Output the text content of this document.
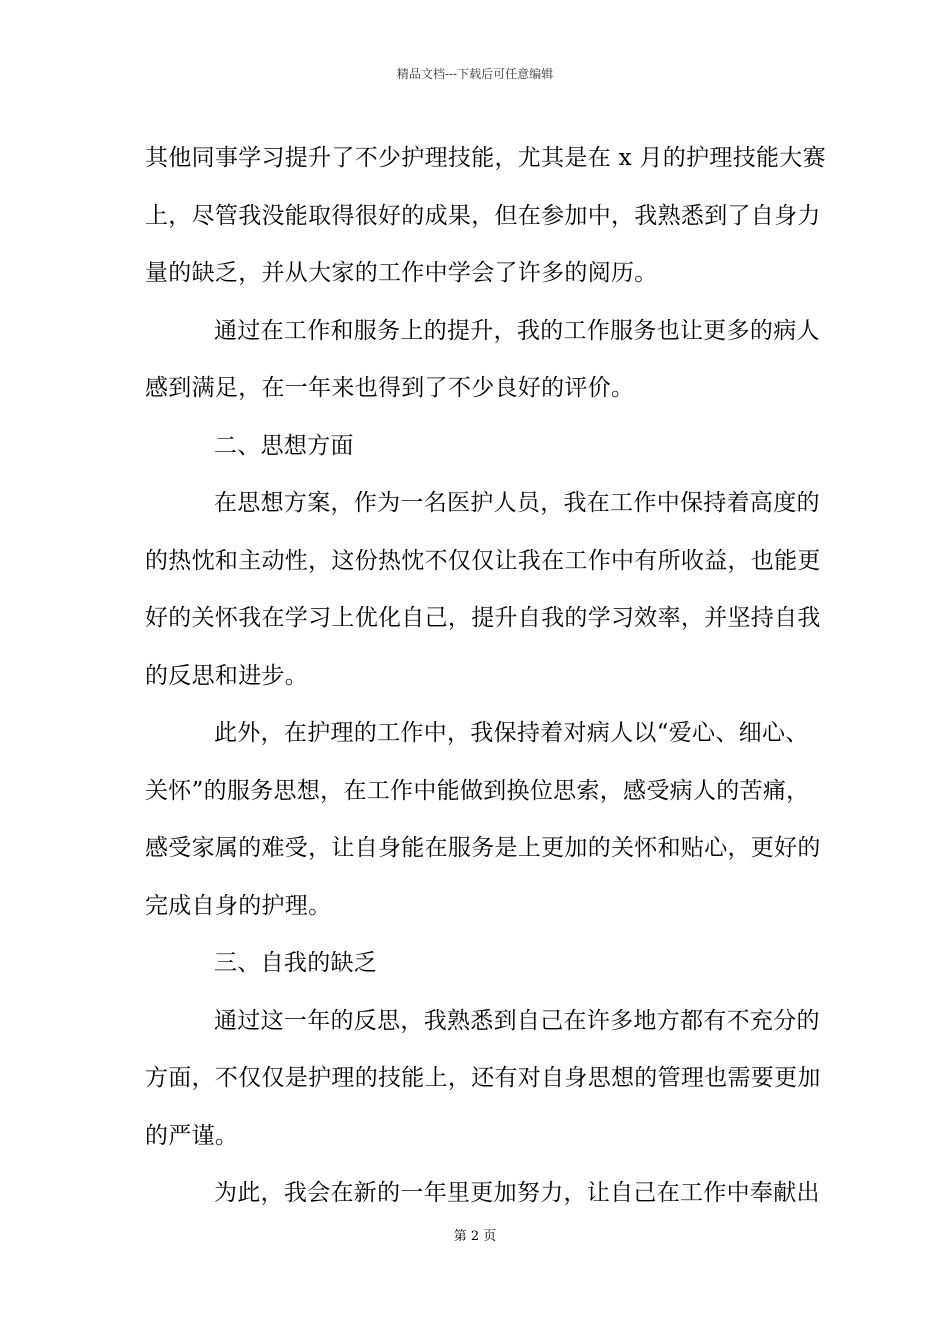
精品文档---下载后可任意编辑
其他同事学习提升了不少护理技能，尤其是在 x 月的护理技能大赛
上，尽管我没能取得很好的成果，但在参加中，我熟悉到了自身力
量的缺乏，并从大家的工作中学会了许多的阅历。
通过在工作和服务上的提升，我的工作服务也让更多的病人
感到满足，在一年来也得到了不少良好的评价。
二、思想方面
在思想方案，作为一名医护人员，我在工作中保持着高度的
的热忱和主动性，这份热忱不仅仅让我在工作中有所收益，也能更
好的关怀我在学习上优化自己，提升自我的学习效率，并坚持自我
的反思和进步。
此外，在护理的工作中，我保持着对病人以“爱心、细心、
关怀”的服务思想，在工作中能做到换位思索，感受病人的苦痛，
感受家属的难受，让自身能在服务是上更加的关怀和贴心，更好的
完成自身的护理。
三、自我的缺乏
通过这一年的反思，我熟悉到自己在许多地方都有不充分的
方面，不仅仅是护理的技能上，还有对自身思想的管理也需要更加
的严谨。
为此，我会在新的一年里更加努力，让自己在工作中奉献出
第 2 页
